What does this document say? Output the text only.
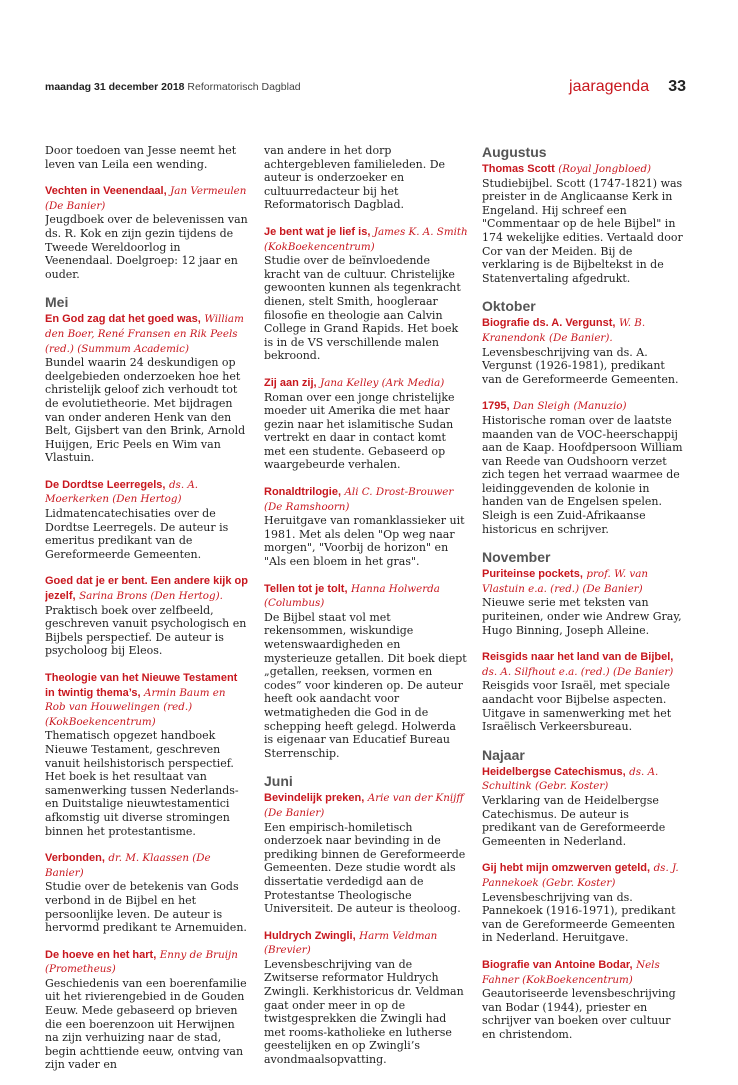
maandag 31 december 2018 Reformatorisch Dagblad	jaaragenda 33

Door toedoen van Jesse neemt het leven van Leila een wending.

Vechten in Veenendaal, Jan Vermeulen (De Banier)

Jeugdboek over de belevenissen van ds. R. Kok en zijn gezin tijdens de Tweede Wereldoorlog in Veenendaal. Doelgroep: 12 jaar en ouder.

Mei

En God zag dat het goed was, William den Boer, René Fransen en Rik Peels (red.) (Summum Academic)

Bundel waarin 24 deskundigen op deelgebieden onderzoeken hoe het christelijk geloof zich verhoudt tot de evolutietheorie. Met bijdragen van onder anderen Henk van den Belt, Gijsbert van den Brink, Arnold Huijgen, Eric Peels en Wim van Vlastuin.

De Dordtse Leerregels, ds. A. Moerkerken (Den Hertog)

Lidmatencatechisaties over de Dordtse Leerregels. De auteur is emeritus predikant van de Gereformeerde Gemeenten.

Goed dat je er bent. Een andere kijk op jezelf, Sarina Brons (Den Hertog).

Praktisch boek over zelfbeeld, geschreven vanuit psychologisch en Bijbels perspectief. De auteur is psycholoog bij Eleos.

Theologie van het Nieuwe Testament in twintig thema’s, Armin Baum en Rob van Houwelingen (red.) (KokBoekencentrum)

Thematisch opgezet handboek Nieuwe Testament, geschreven vanuit heilshistorisch perspectief. Het boek is het resultaat van samenwerking tussen Nederlands- en Duitstalige nieuwtestamentici afkomstig uit diverse stromingen binnen het protestantisme.

Verbonden, dr. M. Klaassen (De Banier)

Studie over de betekenis van Gods verbond in de Bijbel en het persoonlijke leven. De auteur is hervormd predikant te Arnemuiden.

De hoeve en het hart, Enny de Bruijn (Prometheus)

Geschiedenis van een boerenfamilie uit het rivierengebied in de Gouden Eeuw. Mede gebaseerd op brieven die een boerenzoon uit Herwijnen na zijn verhuizing naar de stad, begin achttiende eeuw, ontving van zijn vader en

van andere in het dorp achtergebleven familieleden. De auteur is onderzoeker en cultuurredacteur bij het Reformatorisch Dagblad.

Je bent wat je lief is, James K. A. Smith (KokBoekencentrum)

Studie over de beïnvloedende kracht van de cultuur. Christelijke gewoonten kunnen als tegenkracht dienen, stelt Smith, hoogleraar filosofie en theologie aan Calvin College in Grand Rapids. Het boek is in de VS verschillende malen bekroond.

Zij aan zij, Jana Kelley (Ark Media)

Roman over een jonge christelijke moeder uit Amerika die met haar gezin naar het islamitische Sudan vertrekt en daar in contact komt met een studente. Gebaseerd op waargebeurde verhalen.

Ronaldtrilogie, Ali C. Drost-Brouwer (De Ramshoorn)

Heruitgave van romanklassieker uit 1981. Met als delen "Op weg naar morgen", "Voorbij de horizon" en "Als een bloem in het gras".

Tellen tot je tolt, Hanna Holwerda (Columbus)

De Bijbel staat vol met rekensommen, wiskundige wetenswaardigheden en mysterieuze getallen. Dit boek diept „getallen, reeksen, vormen en codes” voor kinderen op. De auteur heeft ook aandacht voor wetmatigheden die God in de schepping heeft gelegd. Holwerda is eigenaar van Educatief Bureau Sterrenschip.

Juni

Bevindelijk preken, Arie van der Knijff (De Banier)

Een empirisch-homiletisch onderzoek naar bevinding in de prediking binnen de Gereformeerde Gemeenten. Deze studie wordt als dissertatie verdedigd aan de Protestantse Theologische Universiteit. De auteur is theoloog.

Huldrych Zwingli, Harm Veldman (Brevier)

Levensbeschrijving van de Zwitserse reformator Huldrych Zwingli. Kerkhistoricus dr. Veldman gaat onder meer in op de twistgesprekken die Zwingli had met rooms-katholieke en lutherse geestelijken en op Zwingli’s avondmaalsopvatting.

Augustus

Thomas Scott (Royal Jongbloed)

Studiebijbel. Scott (1747-1821) was preister in de Anglicaanse Kerk in Engeland. Hij schreef een "Commentaar op de hele Bijbel" in 174 wekelijke edities. Vertaald door Cor van der Meiden. Bij de verklaring is de Bijbeltekst in de Statenvertaling afgedrukt.

Oktober

Biografie ds. A. Vergunst, W. B. Kranendonk (De Banier).

Levensbeschrijving van ds. A. Vergunst (1926-1981), predikant van de Gereformeerde Gemeenten.

1795, Dan Sleigh (Manuzio)

Historische roman over de laatste maanden van de VOC-heerschappij aan de Kaap. Hoofdpersoon William van Reede van Oudshoorn verzet zich tegen het verraad waarmee de leidinggevenden de kolonie in handen van de Engelsen spelen. Sleigh is een Zuid-Afrikaanse historicus en schrijver.

November

Puriteinse pockets, prof. W. van Vlastuin e.a. (red.) (De Banier)

Nieuwe serie met teksten van puriteinen, onder wie Andrew Gray, Hugo Binning, Joseph Alleine.

Reisgids naar het land van de Bijbel, ds. A. Silfhout e.a. (red.) (De Banier)

Reisgids voor Israël, met speciale aandacht voor Bijbelse aspecten. Uitgave in samenwerking met het Israëlisch Verkeersbureau.

Najaar

Heidelbergse Catechismus, ds. A. Schultink (Gebr. Koster)

Verklaring van de Heidelbergse Catechismus. De auteur is predikant van de Gereformeerde Gemeenten in Nederland.

Gij hebt mijn omzwerven geteld, ds. J. Pannekoek (Gebr. Koster)

Levensbeschrijving van ds. Pannekoek (1916-1971), predikant van de Gereformeerde Gemeenten in Nederland. Heruitgave.

Biografie van Antoine Bodar, Nels Fahner (KokBoekencentrum)

Geautoriseerde levensbeschrijving van Bodar (1944), priester en schrijver van boeken over cultuur en christendom.
